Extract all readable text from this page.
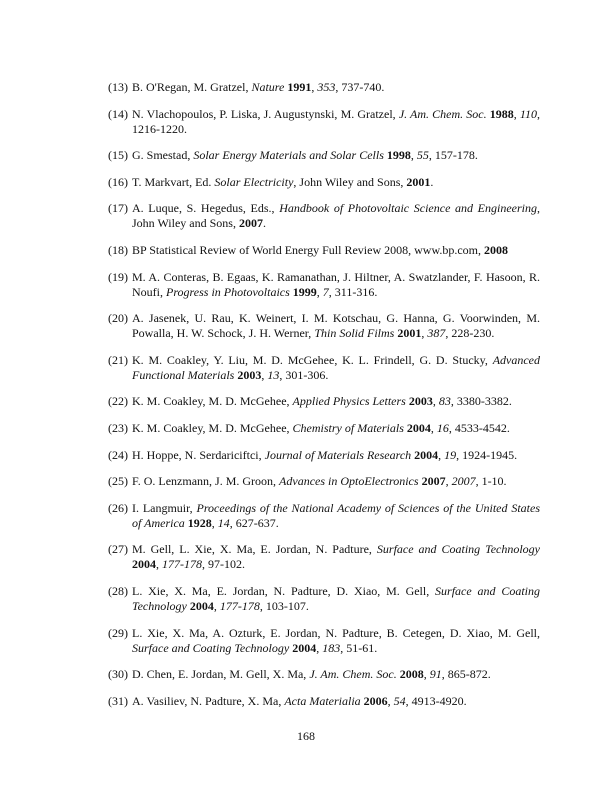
(13) B. O'Regan, M. Gratzel, Nature 1991, 353, 737-740.
(14) N. Vlachopoulos, P. Liska, J. Augustynski, M. Gratzel, J. Am. Chem. Soc. 1988, 110, 1216-1220.
(15) G. Smestad, Solar Energy Materials and Solar Cells 1998, 55, 157-178.
(16) T. Markvart, Ed. Solar Electricity, John Wiley and Sons, 2001.
(17) A. Luque, S. Hegedus, Eds., Handbook of Photovoltaic Science and Engineering, John Wiley and Sons, 2007.
(18) BP Statistical Review of World Energy Full Review 2008, www.bp.com, 2008
(19) M. A. Conteras, B. Egaas, K. Ramanathan, J. Hiltner, A. Swatzlander, F. Hasoon, R. Noufi, Progress in Photovoltaics 1999, 7, 311-316.
(20) A. Jasenek, U. Rau, K. Weinert, I. M. Kotschau, G. Hanna, G. Voorwinden, M. Powalla, H. W. Schock, J. H. Werner, Thin Solid Films 2001, 387, 228-230.
(21) K. M. Coakley, Y. Liu, M. D. McGehee, K. L. Frindell, G. D. Stucky, Advanced Functional Materials 2003, 13, 301-306.
(22) K. M. Coakley, M. D. McGehee, Applied Physics Letters 2003, 83, 3380-3382.
(23) K. M. Coakley, M. D. McGehee, Chemistry of Materials 2004, 16, 4533-4542.
(24) H. Hoppe, N. Serdariciftci, Journal of Materials Research 2004, 19, 1924-1945.
(25) F. O. Lenzmann, J. M. Groon, Advances in OptoElectronics 2007, 2007, 1-10.
(26) I. Langmuir, Proceedings of the National Academy of Sciences of the United States of America 1928, 14, 627-637.
(27) M. Gell, L. Xie, X. Ma, E. Jordan, N. Padture, Surface and Coating Technology 2004, 177-178, 97-102.
(28) L. Xie, X. Ma, E. Jordan, N. Padture, D. Xiao, M. Gell, Surface and Coating Technology 2004, 177-178, 103-107.
(29) L. Xie, X. Ma, A. Ozturk, E. Jordan, N. Padture, B. Cetegen, D. Xiao, M. Gell, Surface and Coating Technology 2004, 183, 51-61.
(30) D. Chen, E. Jordan, M. Gell, X. Ma, J. Am. Chem. Soc. 2008, 91, 865-872.
(31) A. Vasiliev, N. Padture, X. Ma, Acta Materialia 2006, 54, 4913-4920.
168
